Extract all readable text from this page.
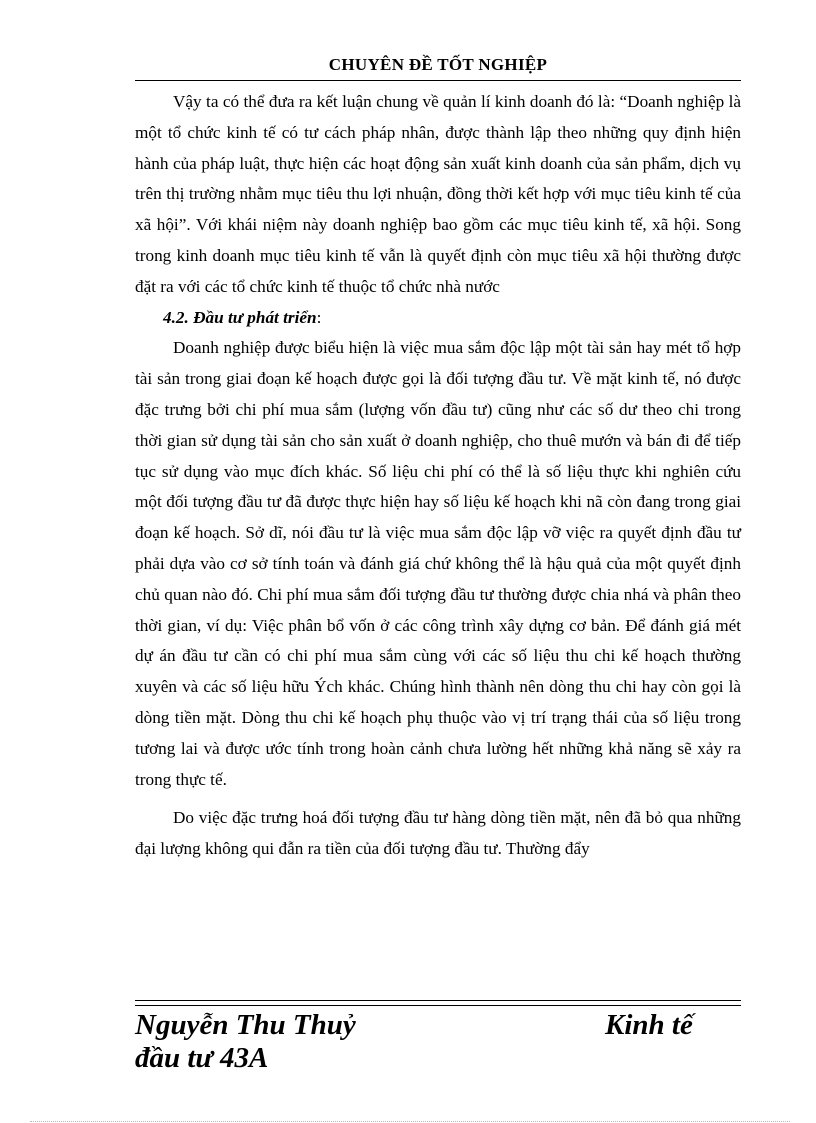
CHUYÊN ĐỀ TỐT NGHIỆP

Vậy ta có thể đưa ra kết luận chung về quản lí kinh doanh đó là: “Doanh nghiệp là một tổ chức kinh tế có tư cách pháp nhân, được thành lập theo những quy định hiện hành của pháp luật, thực hiện các hoạt động sản xuất kinh doanh của sản phẩm, dịch vụ trên thị trường nhằm mục tiêu thu lợi nhuận, đồng thời kết hợp với mục tiêu kinh tế của xã hội”. Với khái niệm này doanh nghiệp bao gồm các mục tiêu kinh tế, xã hội. Song trong kinh doanh mục tiêu kinh tế vẫn là quyết định còn mục tiêu xã hội thường được đặt ra với các tổ chức kinh tế thuộc tổ chức nhà nước

4.2. Đầu tư phát triển:

Doanh nghiệp được biểu hiện là việc mua sắm độc lập một tài sản hay mét tổ hợp tài sản trong giai đoạn kế hoạch được gọi là đối tượng đầu tư. Về mặt kinh tế, nó được đặc trưng bởi chi phí mua sắm (lượng vốn đầu tư) cũng như các số dư theo chi trong thời gian sử dụng tài sản cho sản xuất ở doanh nghiệp, cho thuê mướn và bán đi để tiếp tục sử dụng vào mục đích khác. Số liệu chi phí có thể là số liệu thực khi nghiên cứu một đối tượng đầu tư đã được thực hiện hay số liệu kế hoạch khi nã còn đang trong giai đoạn kế hoạch. Sở dĩ, nói đầu tư là việc mua sắm độc lập vỡ việc ra quyết định đầu tư phải dựa vào cơ sở tính toán và đánh giá chứ không thể là hậu quả của một quyết định chủ quan nào đó. Chi phí mua sắm đối tượng đầu tư thường được chia nhá và phân theo thời gian, ví dụ: Việc phân bổ vốn ở các công trình xây dựng cơ bản. Để đánh giá mét dự án đầu tư cần có chi phí mua sắm cùng với các số liệu thu chi kế hoạch thường xuyên và các số liệu hữu Ých khác. Chúng hình thành nên dòng thu chi hay còn gọi là dòng tiền mặt. Dòng thu chi kế hoạch phụ thuộc vào vị trí trạng thái của số liệu trong tương lai và được ước tính trong hoàn cảnh chưa lường hết những khả năng sẽ xảy ra trong thực tế.

Do việc đặc trưng hoá đối tượng đầu tư hàng dòng tiền mặt, nên đã bỏ qua những đại lượng không qui đẫn ra tiền của đối tượng đầu tư. Thường đẩy

Nguyễn Thu Thuỷ	Kinh tế
đầu tư 43A
